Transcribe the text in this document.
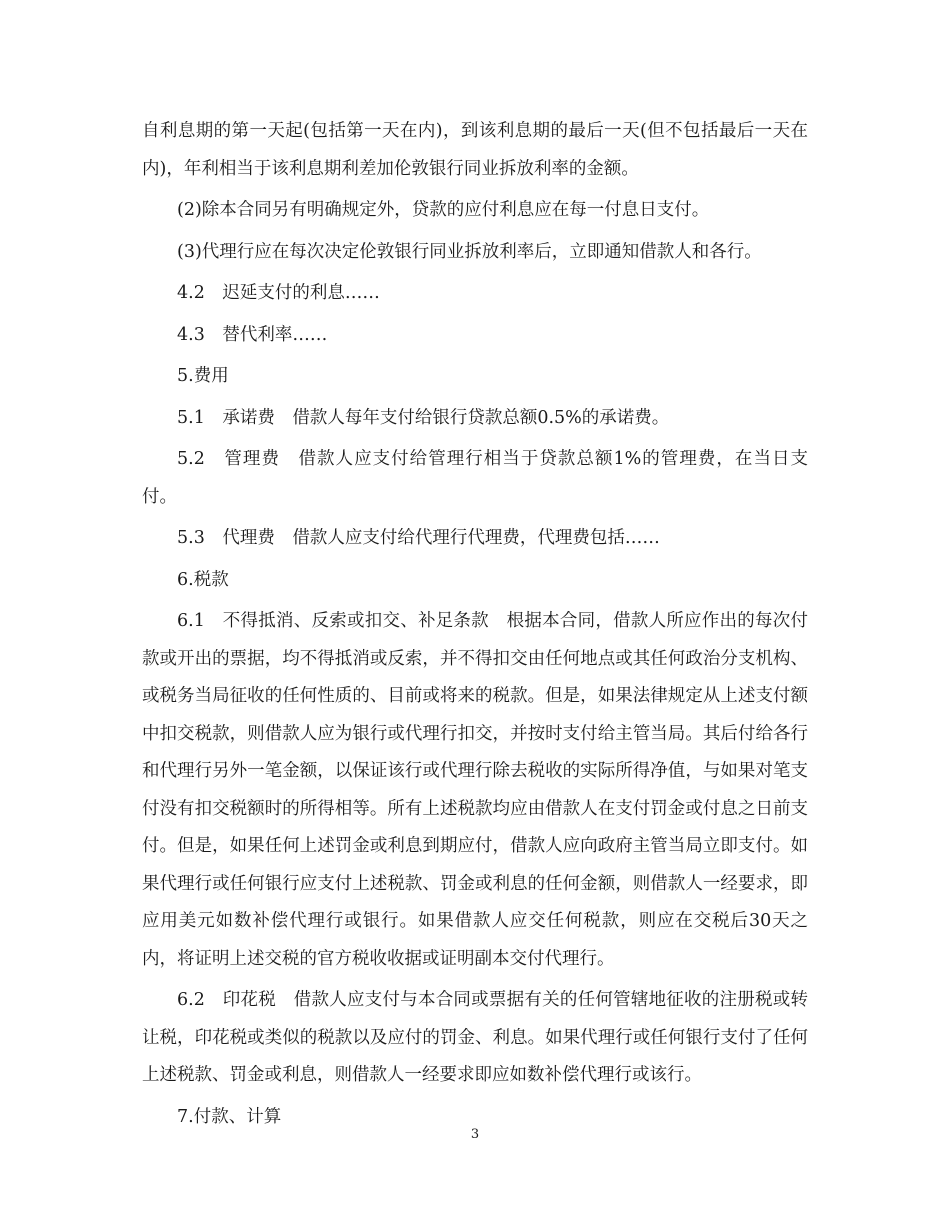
自利息期的第一天起(包括第一天在内)，到该利息期的最后一天(但不包括最后一天在内)，年利相当于该利息期利差加伦敦银行同业拆放利率的金额。

(2)除本合同另有明确规定外，贷款的应付利息应在每一付息日支付。

(3)代理行应在每次决定伦敦银行同业拆放利率后，立即通知借款人和各行。

4.2　迟延支付的利息……

4.3　替代利率……

5.费用

5.1　承诺费　借款人每年支付给银行贷款总额0.5%的承诺费。

5.2　管理费　借款人应支付给管理行相当于贷款总额1%的管理费，在当日支付。

5.3　代理费　借款人应支付给代理行代理费，代理费包括……

6.税款

6.1　不得抵消、反索或扣交、补足条款　根据本合同，借款人所应作出的每次付款或开出的票据，均不得抵消或反索，并不得扣交由任何地点或其任何政治分支机构、或税务当局征收的任何性质的、目前或将来的税款。但是，如果法律规定从上述支付额中扣交税款，则借款人应为银行或代理行扣交，并按时支付给主管当局。其后付给各行和代理行另外一笔金额，以保证该行或代理行除去税收的实际所得净值，与如果对笔支付没有扣交税额时的所得相等。所有上述税款均应由借款人在支付罚金或付息之日前支付。但是，如果任何上述罚金或利息到期应付，借款人应向政府主管当局立即支付。如果代理行或任何银行应支付上述税款、罚金或利息的任何金额，则借款人一经要求，即应用美元如数补偿代理行或银行。如果借款人应交任何税款，则应在交税后30天之内，将证明上述交税的官方税收收据或证明副本交付代理行。

6.2　印花税　借款人应支付与本合同或票据有关的任何管辖地征收的注册税或转让税，印花税或类似的税款以及应付的罚金、利息。如果代理行或任何银行支付了任何上述税款、罚金或利息，则借款人一经要求即应如数补偿代理行或该行。

7.付款、计算

3
